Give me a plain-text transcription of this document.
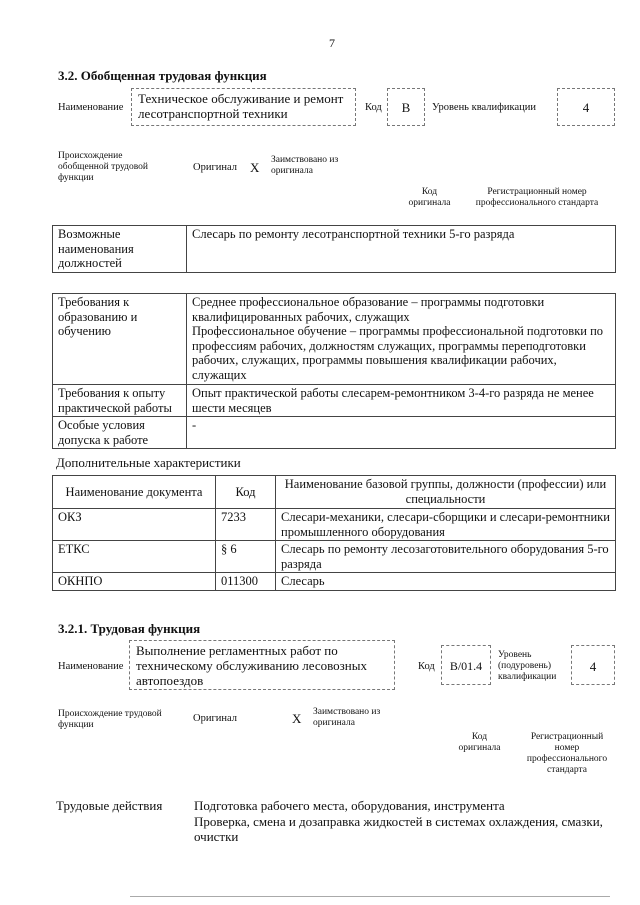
7
3.2. Обобщенная трудовая функция
Наименование
Техническое обслуживание и ремонт лесотранспортной техники	Код	В	Уровень квалификации	4
Происхождение обобщенной трудовой функции
Оригинал X Заимствовано из оригинала
Код оригинала
Регистрационный номер профессионального стандарта
Возможные наименования должностей	Слесарь по ремонту лесотранспортной техники 5-го разряда
Требования к образованию и обучению	Среднее профессиональное образование – программы подготовки квалифицированных рабочих, служащих
Профессиональное обучение – программы профессиональной подготовки по профессиям рабочих, должностям служащих, программы переподготовки рабочих, служащих, программы повышения квалификации рабочих, служащих
Требования к опыту практической работы	Опыт практической работы слесарем-ремонтником 3-4-го разряда не менее шести месяцев
Особые условия допуска к работе	-
Дополнительные характеристики
Наименование документа	Код	Наименование базовой группы, должности (профессии) или специальности
ОКЗ	7233	Слесари-механики, слесари-сборщики и слесари-ремонтники промышленного оборудования
ЕТКС	§ 6	Слесарь по ремонту лесозаготовительного оборудования 5-го разряда
ОКНПО	011300	Слесарь
3.2.1. Трудовая функция
Наименование
Выполнение регламентных работ по техническому обслуживанию лесовозных автопоездов
Код	В/01.4
Уровень (подуровень) квалификации
4
Происхождение трудовой функции
Оригинал	X Заимствовано из оригинала
Код оригинала
Регистрационный номер профессионального стандарта
Трудовые действия Подготовка рабочего места, оборудования, инструмента
Проверка, смена и дозаправка жидкостей в системах охлаждения, смазки, очистки
